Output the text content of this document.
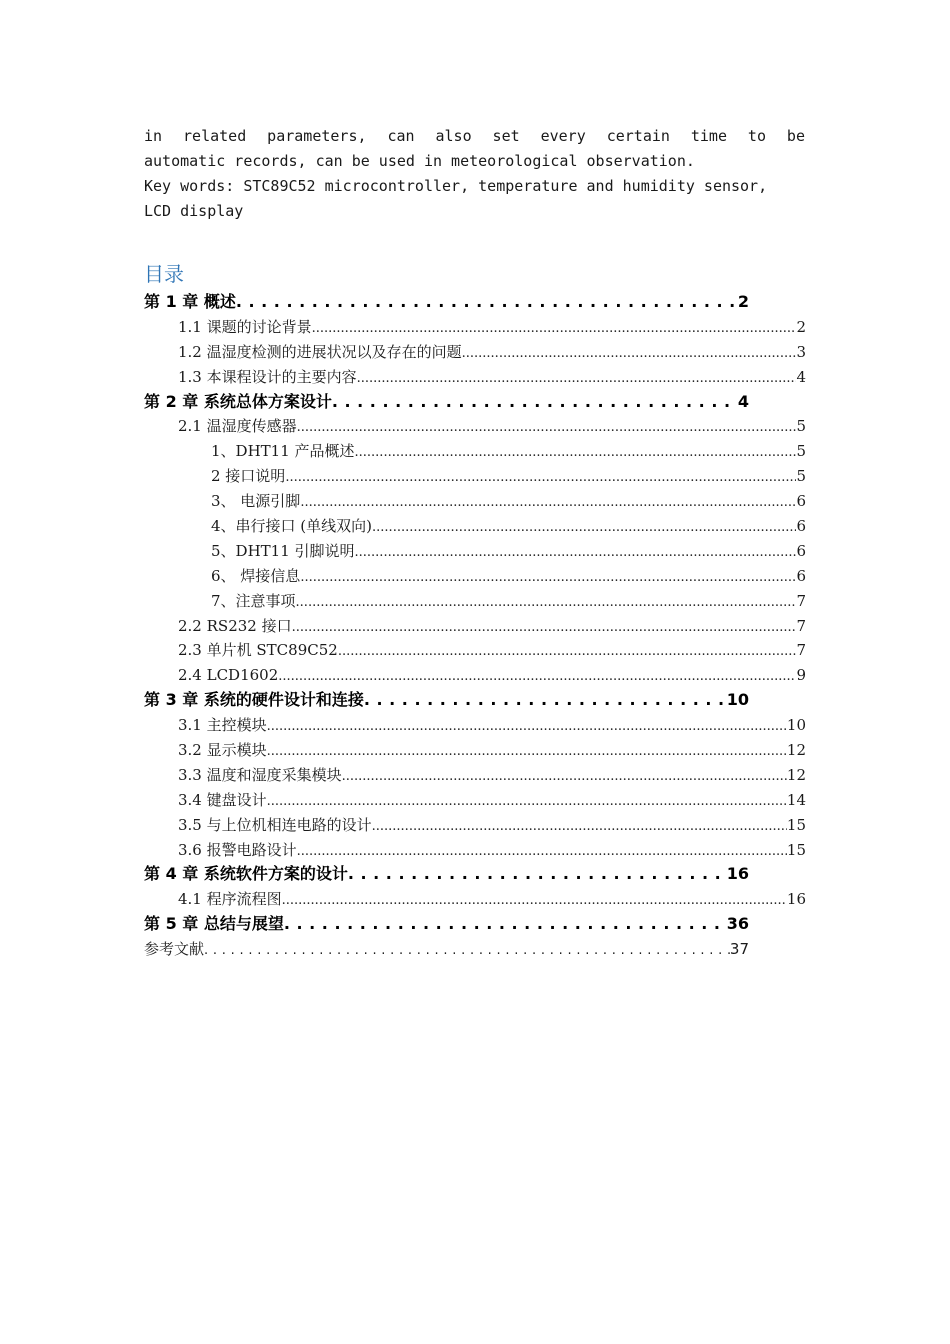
in related parameters, can also set every certain time to be
automatic records, can be used in meteorological observation.
Key words: STC89C52 microcontroller, temperature and humidity sensor,
LCD display
目录
第 1 章 概述 . . .	2
1.1 课题的讨论背景 .....	2
1.2 温湿度检测的进展状况以及存在的问题 .....	3
1.3 本课程设计的主要内容 .....	4
第 2 章 系统总体方案设计 . . .	4
2.1 温湿度传感器 .....	5
1、DHT11 产品概述 .....	5
2 接口说明 .....	5
3、 电源引脚 .....	6
4、串行接口 (单线双向) .....	6
5、DHT11 引脚说明 .....	6
6、 焊接信息 .....	6
7、注意事项 .....	7
2.2 RS232 接口 .....	7
2.3 单片机 STC89C52 .....	7
2.4 LCD1602 .....	9
第 3 章 系统的硬件设计和连接 . . .	10
3.1 主控模块 .....	10
3.2 显示模块 .....	12
3.3 温度和湿度采集模块 .....	12
3.4 键盘设计 .....	14
3.5 与上位机相连电路的设计 .....	15
3.6 报警电路设计 .....	15
第 4 章 系统软件方案的设计 . . .	16
4.1 程序流程图 .....	16
第 5 章 总结与展望 . . .	36
参考文献 . . .	37
